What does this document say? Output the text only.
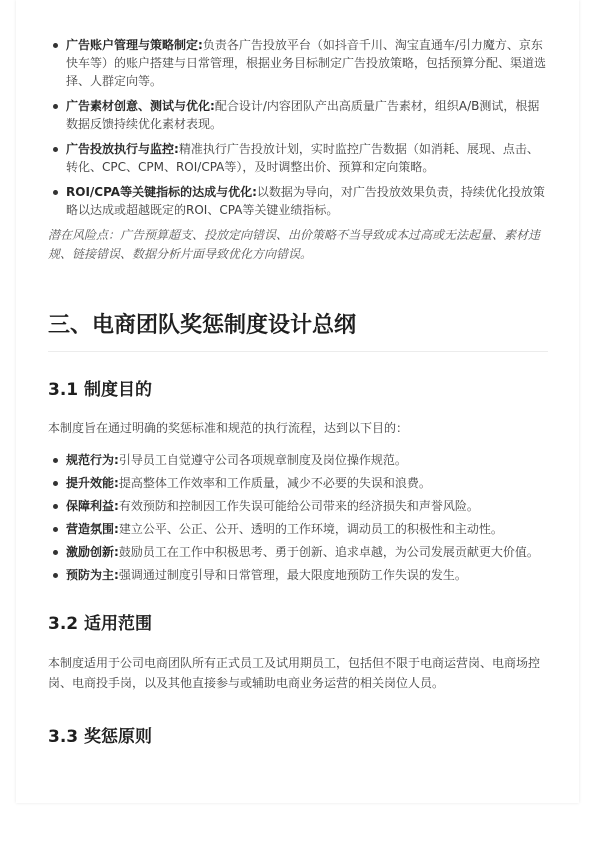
广告账户管理与策略制定:负责各广告投放平台（如抖音千川、淘宝直通车/引力魔方、京东快车等）的账户搭建与日常管理，根据业务目标制定广告投放策略，包括预算分配、渠道选择、人群定向等。
广告素材创意、测试与优化:配合设计/内容团队产出高质量广告素材，组织A/B测试，根据数据反馈持续优化素材表现。
广告投放执行与监控:精准执行广告投放计划，实时监控广告数据（如消耗、展现、点击、转化、CPC、CPM、ROI/CPA等），及时调整出价、预算和定向策略。
ROI/CPA等关键指标的达成与优化:以数据为导向，对广告投放效果负责，持续优化投放策略以达成或超越既定的ROI、CPA等关键业绩指标。

潜在风险点：广告预算超支、投放定向错误、出价策略不当导致成本过高或无法起量、素材违规、链接错误、数据分析片面导致优化方向错误。

三、电商团队奖惩制度设计总纲
3.1 制度目的

本制度旨在通过明确的奖惩标准和规范的执行流程，达到以下目的：

规范行为:引导员工自觉遵守公司各项规章制度及岗位操作规范。
提升效能:提高整体工作效率和工作质量，减少不必要的失误和浪费。
保障利益:有效预防和控制因工作失误可能给公司带来的经济损失和声誉风险。
营造氛围:建立公平、公正、公开、透明的工作环境，调动员工的积极性和主动性。
激励创新:鼓励员工在工作中积极思考、勇于创新、追求卓越，为公司发展贡献更大价值。
预防为主:强调通过制度引导和日常管理，最大限度地预防工作失误的发生。
3.2 适用范围

本制度适用于公司电商团队所有正式员工及试用期员工，包括但不限于电商运营岗、电商场控岗、电商投手岗，以及其他直接参与或辅助电商业务运营的相关岗位人员。

3.3 奖惩原则
